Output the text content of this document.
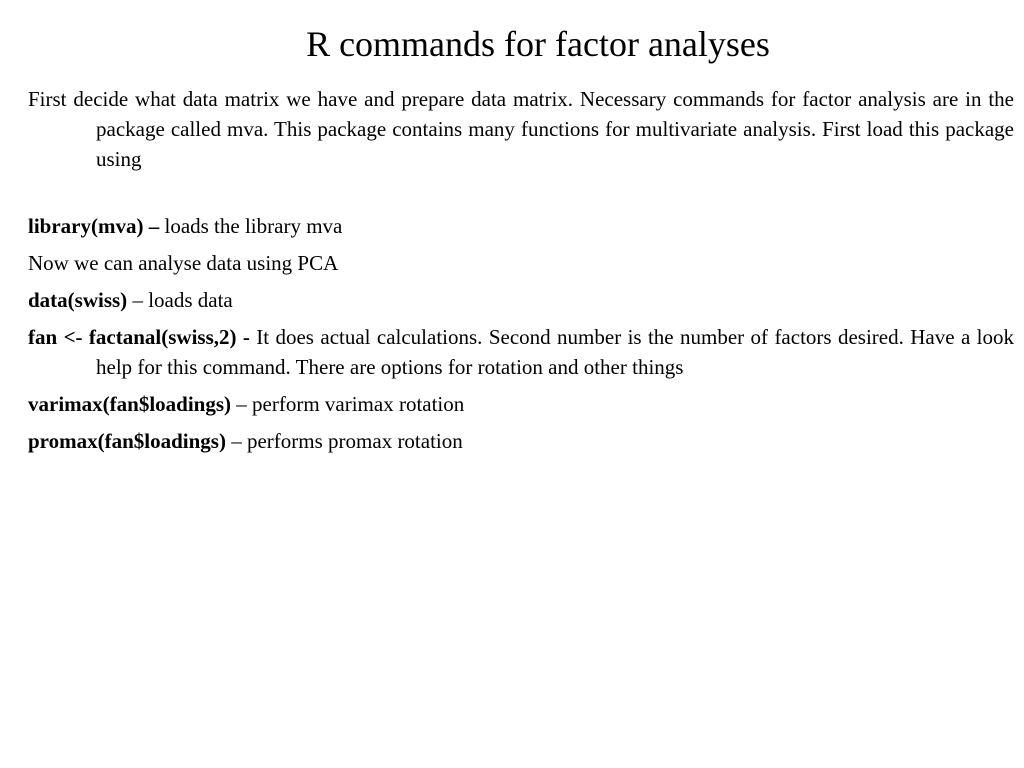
R commands for factor analyses

First decide what data matrix we have and prepare data matrix. Necessary commands for factor analysis are in the package called mva. This package contains many functions for multivariate analysis. First load this package using

library(mva) – loads the library mva

Now we can analyse data using PCA

data(swiss) – loads data

fan <- factanal(swiss,2) - It does actual calculations. Second number is the number of factors desired. Have a look help for this command. There are options for rotation and other things

varimax(fan$loadings) – perform varimax rotation

promax(fan$loadings) – performs promax rotation
